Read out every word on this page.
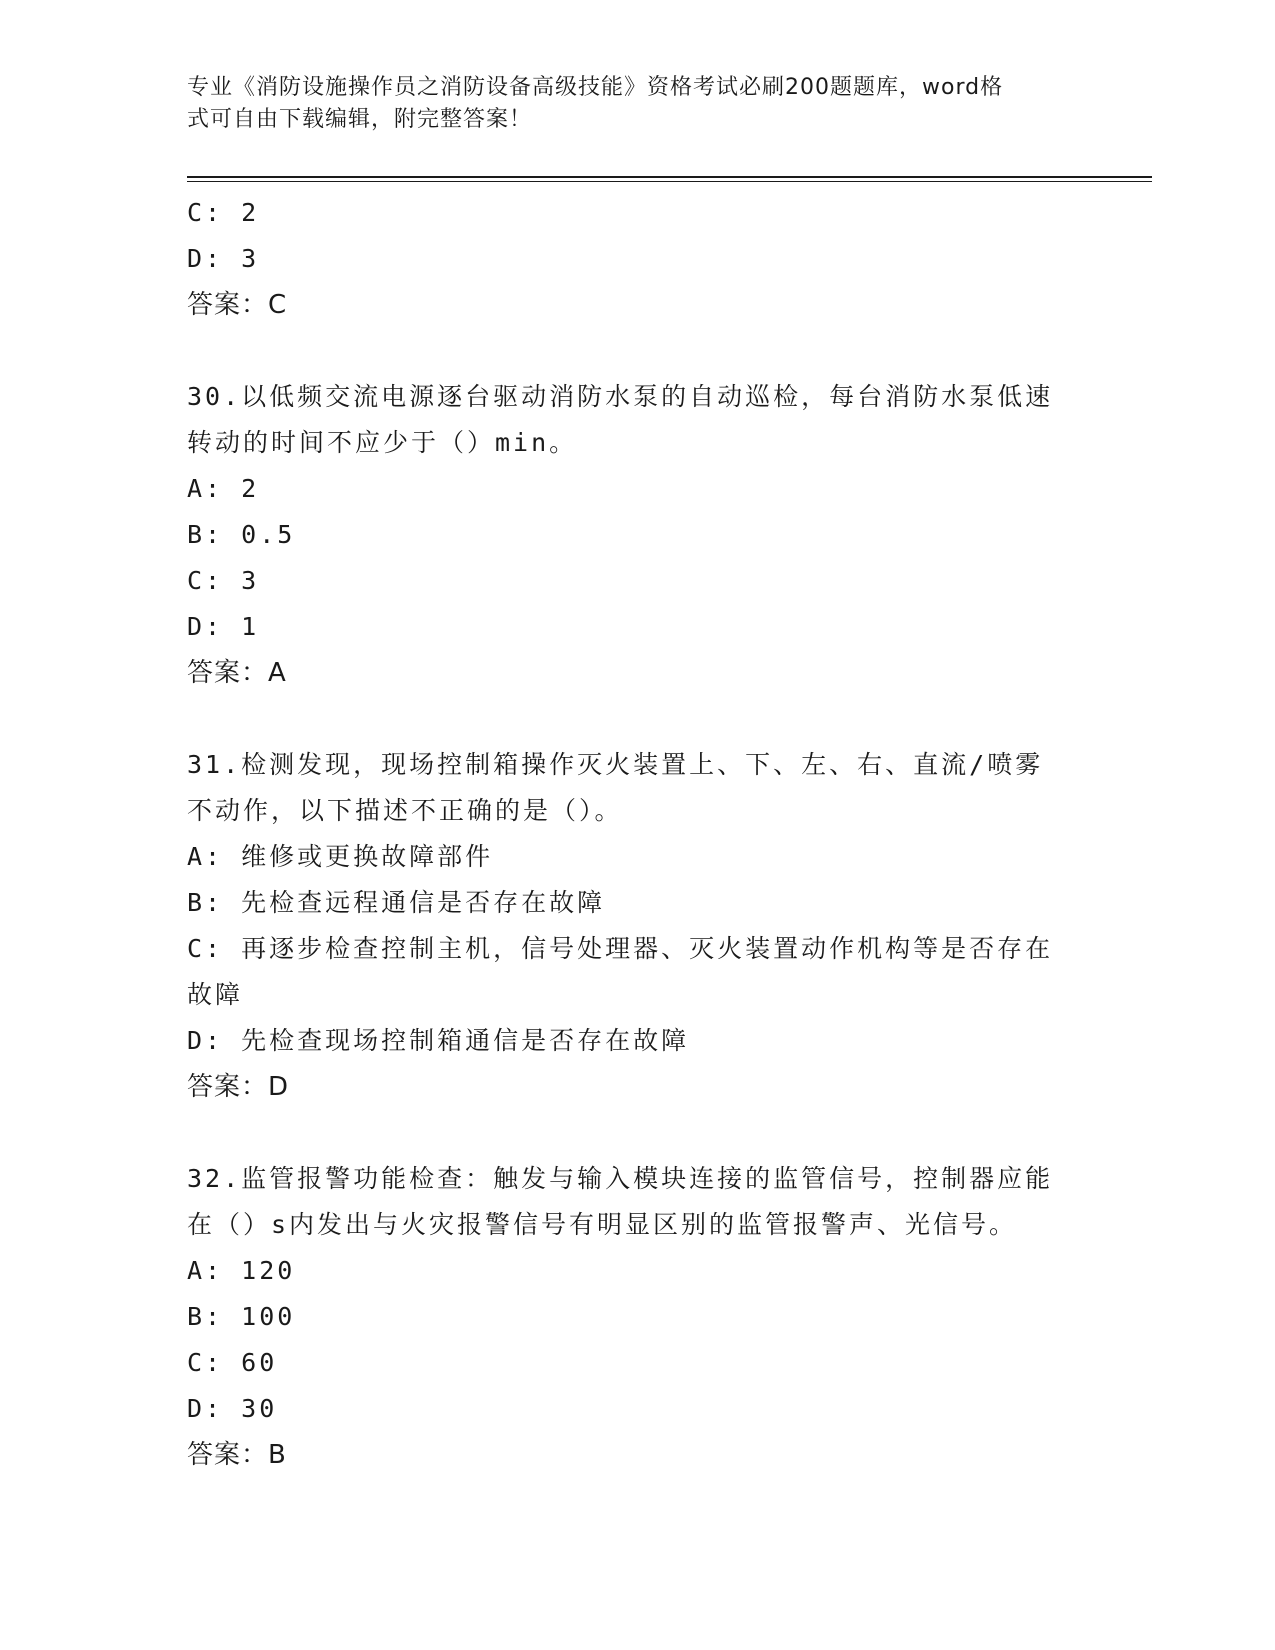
专业《消防设施操作员之消防设备高级技能》资格考试必刷200题题库，word格
式可自由下载编辑，附完整答案！
C: 2
D: 3
答案：C
30.以低频交流电源逐台驱动消防水泵的自动巡检，每台消防水泵低速
转动的时间不应少于（）min。
A: 2
B: 0.5
C: 3
D: 1
答案：A
31.检测发现，现场控制箱操作灭火装置上、下、左、右、直流/喷雾
不动作，以下描述不正确的是（）。
A: 维修或更换故障部件
B: 先检查远程通信是否存在故障
C: 再逐步检查控制主机，信号处理器、灭火装置动作机构等是否存在
故障
D: 先检查现场控制箱通信是否存在故障
答案：D
32.监管报警功能检查：触发与输入模块连接的监管信号，控制器应能
在（）s内发出与火灾报警信号有明显区别的监管报警声、光信号。
A: 120
B: 100
C: 60
D: 30
答案：B
